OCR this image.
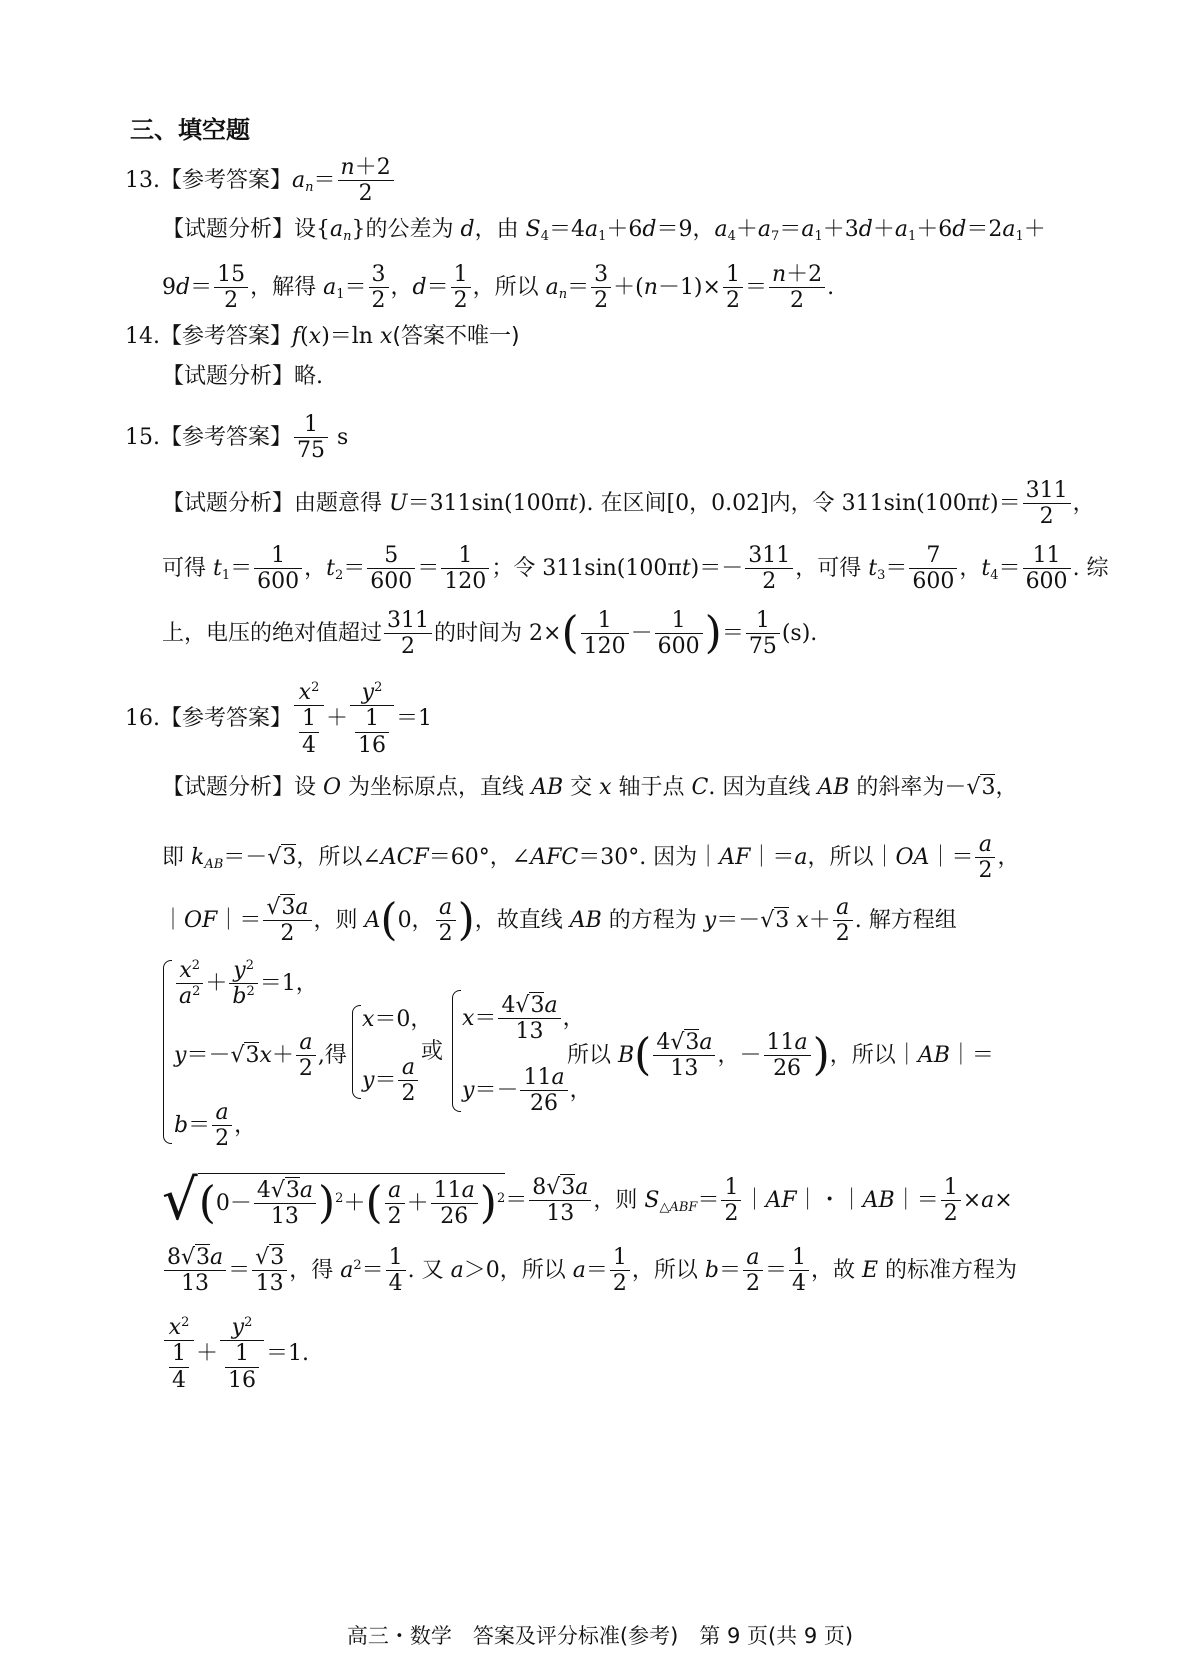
三、填空题
13.【参考答案】$a_n= \frac{n+2}{2}$
【试题分析】设$\{a_n\}$的公差为 d，由 $S_4=4a_1+6d=9$，$a_4+a_7=a_1+3d+a_1+6d=2a_1+$
$9d= \frac{15}{2}$ ，解得 $a_1= \frac{3}{2}$ ，$d= \frac{1}{2}$ ，所以 $a_n= \frac{3}{2} +(n-1)\times \frac{1}{2} = \frac{n+2}{2}$ .
14.【参考答案】f(x)＝ln x(答案不唯一)
【试题分析】略.
15.【参考答案】 $\frac{1}{75}$ s
【试题分析】由题意得 U＝311sin(100πt). 在区间[0，0.02]内，令 $311\sin(100\pi t)= \frac{311}{2}$ ，
可得 $t_1= \frac{1}{600}$ ，$t_2= \frac{5}{600} = \frac{1}{120}$ ；令 $311\sin(100\pi t)=- \frac{311}{2}$ ，可得 $t_3= \frac{7}{600}$ ，$t_4= \frac{11}{600}$ . 综
上，电压的绝对值超过 $\frac{311}{2}$ 的时间为 $2\times( \frac{1}{120} - \frac{1}{600}$ )＝ $\frac{1}{75} (s)$.
16.【参考答案】 $\frac{x^2}{\frac{1}{4}} + \frac{y^2}{\frac{1}{16}} =1$
【试题分析】设 O 为坐标原点，直线 AB 交 x 轴于点 C. 因为直线 AB 的斜率为－√3，
即 $k_{AB}=-√3$，所以∠ACF＝60°，∠AFC＝30°. 因为｜AF｜＝a，所以｜OA｜＝ $\frac{a}{2}$ ，
｜OF｜＝ $\frac{√3a}{2}$ ，则 A(0， $\frac{a}{2}$ )，故直线 AB 的方程为 y＝－√3 $x+ \frac{a}{2}$ . 解方程组
$\frac{x^2}{a^2} + \frac{y^2}{b^2} =1$，
$y=-√3x+ \frac{a}{2}$ ,得
$b= \frac{a}{2}$ ，
x＝0，
$y= \frac{a}{2}$
或
$x= \frac{4√3a}{13}$ ，
$y=- \frac{11a}{26}$ ，
所以 $B( \frac{4√3a}{13}$ ，－ $\frac{11a}{26}$ )，所以｜AB｜＝
$√(0- \frac{4√3a}{13} )^2+( \frac{a}{2} + \frac{11a}{26} )^2= \frac{8√3a}{13}$ ，则 $S_{\triangle ABF}= \frac{1}{2}$ ｜AF｜・｜AB｜＝ $\frac{1}{2} \times a\times$
$\frac{8√3a}{13} = \frac{√3}{13}$ ，得 $a^2= \frac{1}{4}$ . 又 a＞0，所以 $a= \frac{1}{2}$ ，所以 $b= \frac{a}{2} = \frac{1}{4}$ ，故 E 的标准方程为
$\frac{x^2}{\frac{1}{4}} + \frac{y^2}{\frac{1}{16}} =1$.
高三・数学　答案及评分标准(参考)　第 9 页(共 9 页)
